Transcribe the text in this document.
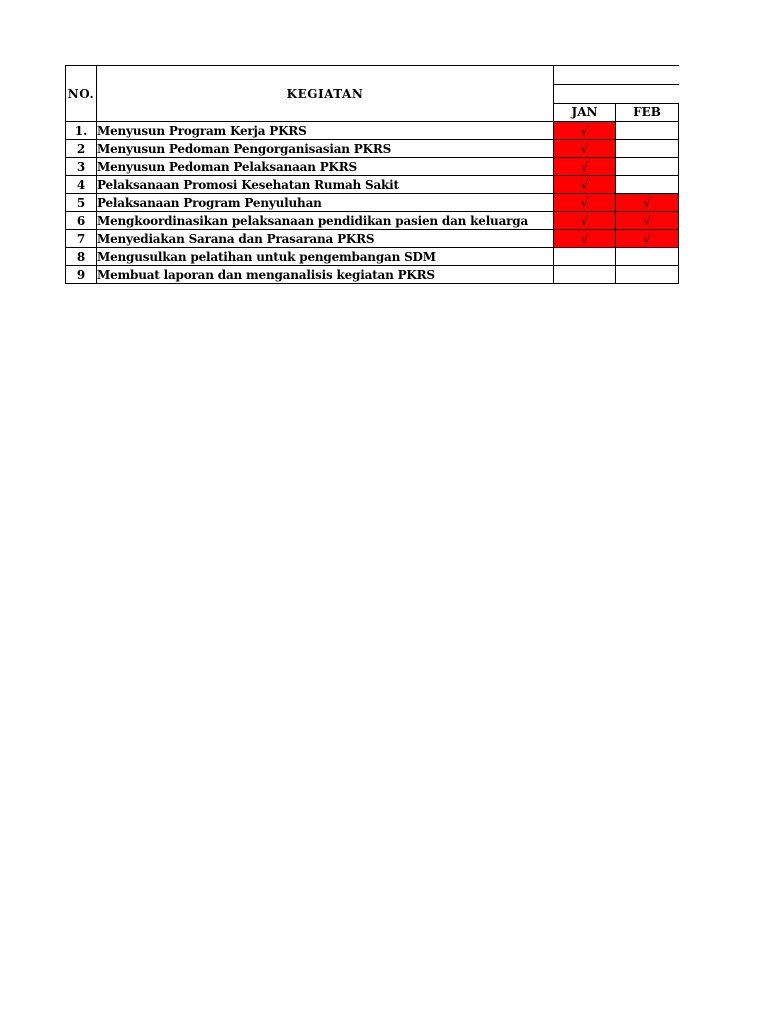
NO.	KEGIATAN		

		JAN	FEB
1.	Menyusun Program Kerja PKRS	√	
2	Menyusun Pedoman Pengorganisasian PKRS	√	
3	Menyusun Pedoman Pelaksanaan PKRS	√	
4	Pelaksanaan Promosi Kesehatan Rumah Sakit	√	
5	Pelaksanaan Program Penyuluhan	√	√
6	Mengkoordinasikan pelaksanaan pendidikan pasien dan keluarga	√	√
7	Menyediakan Sarana dan Prasarana PKRS	√	√
8	Mengusulkan pelatihan untuk pengembangan SDM		
9	Membuat laporan dan menganalisis kegiatan PKRS		
